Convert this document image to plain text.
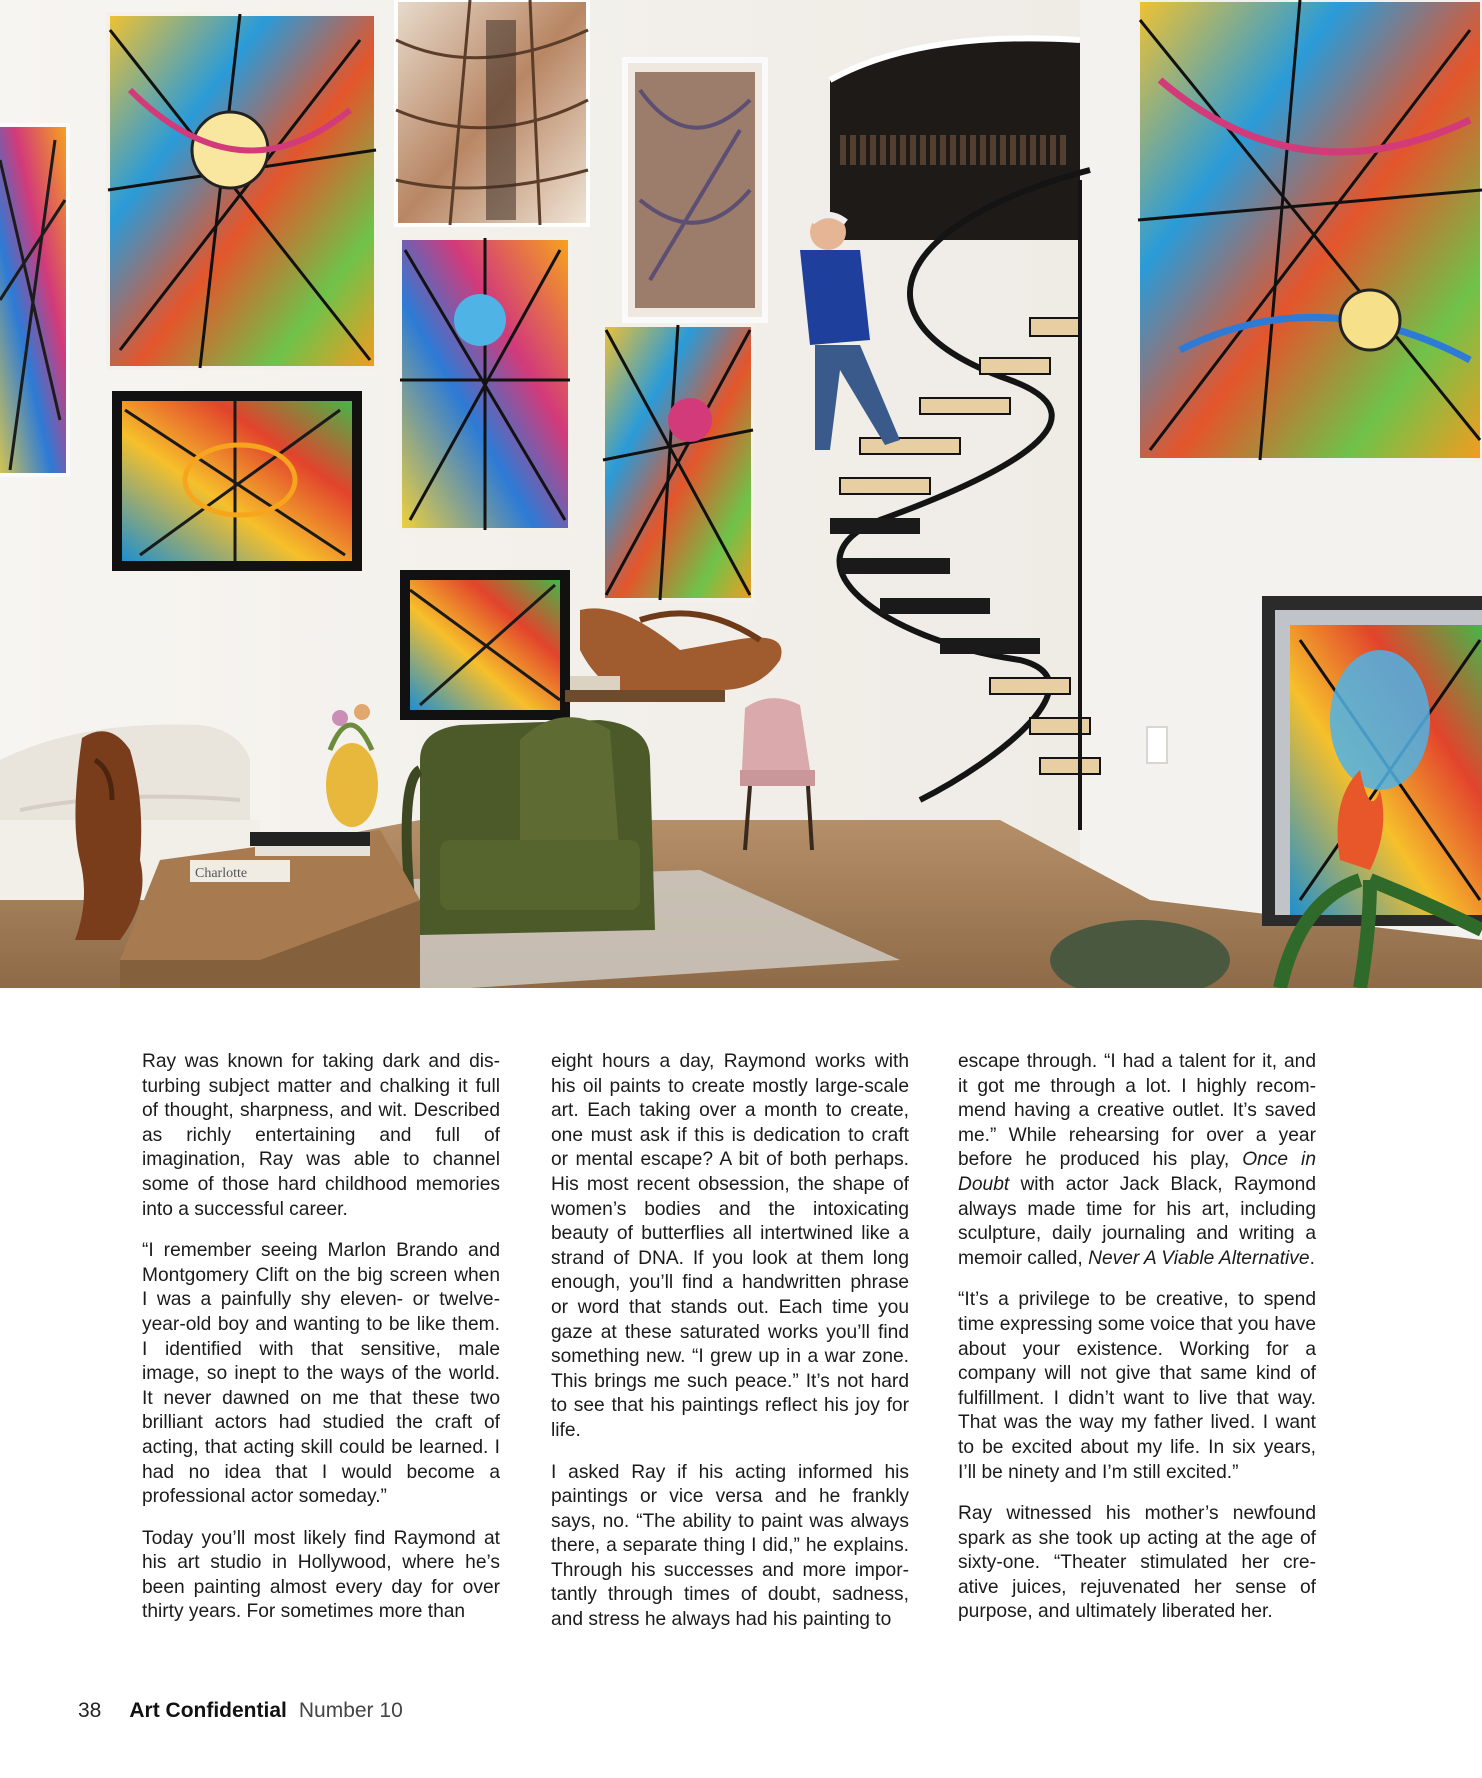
Charlotte

Ray was known for taking dark and dis-turbing subject matter and chalking it full of thought, sharpness, and wit. Described as richly entertaining and full of imagination, Ray was able to channel some of those hard childhood memories into a successful career.

“I remember seeing Marlon Brando and Montgomery Clift on the big screen when I was a painfully shy eleven- or twelve-year-old boy and wanting to be like them. I identified with that sensitive, male image, so inept to the ways of the world. It never dawned on me that these two brilliant actors had studied the craft of acting, that acting skill could be learned. I had no idea that I would become a professional actor someday.”

Today you’ll most likely find Raymond at his art studio in Hollywood, where he’s been painting almost every day for over thirty years. For sometimes more than

eight hours a day, Raymond works with his oil paints to create mostly large-scale art. Each taking over a month to create, one must ask if this is dedication to craft or mental escape? A bit of both perhaps. His most recent obsession, the shape of women’s bodies and the intoxicating beauty of butterflies all intertwined like a strand of DNA. If you look at them long enough, you’ll find a handwritten phrase or word that stands out. Each time you gaze at these saturated works you’ll find something new. “I grew up in a war zone. This brings me such peace.” It’s not hard to see that his paintings reflect his joy for life.

I asked Ray if his acting informed his paintings or vice versa and he frankly says, no. “The ability to paint was always there, a separate thing I did,” he explains. Through his successes and more impor-tantly through times of doubt, sadness, and stress he always had his painting to

escape through. “I had a talent for it, and it got me through a lot. I highly recom-mend having a creative outlet. It’s saved me.” While rehearsing for over a year before he produced his play, Once in Doubt with actor Jack Black, Raymond always made time for his art, including sculpture, daily journaling and writing a memoir called, Never A Viable Alternative.

“It’s a privilege to be creative, to spend time expressing some voice that you have about your existence. Working for a company will not give that same kind of fulfillment. I didn’t want to live that way. That was the way my father lived. I want to be excited about my life. In six years, I’ll be ninety and I’m still excited.”

Ray witnessed his mother’s newfound spark as she took up acting at the age of sixty-one. “Theater stimulated her cre-ative juices, rejuvenated her sense of purpose, and ultimately liberated her.

38 Art Confidential Number 10
